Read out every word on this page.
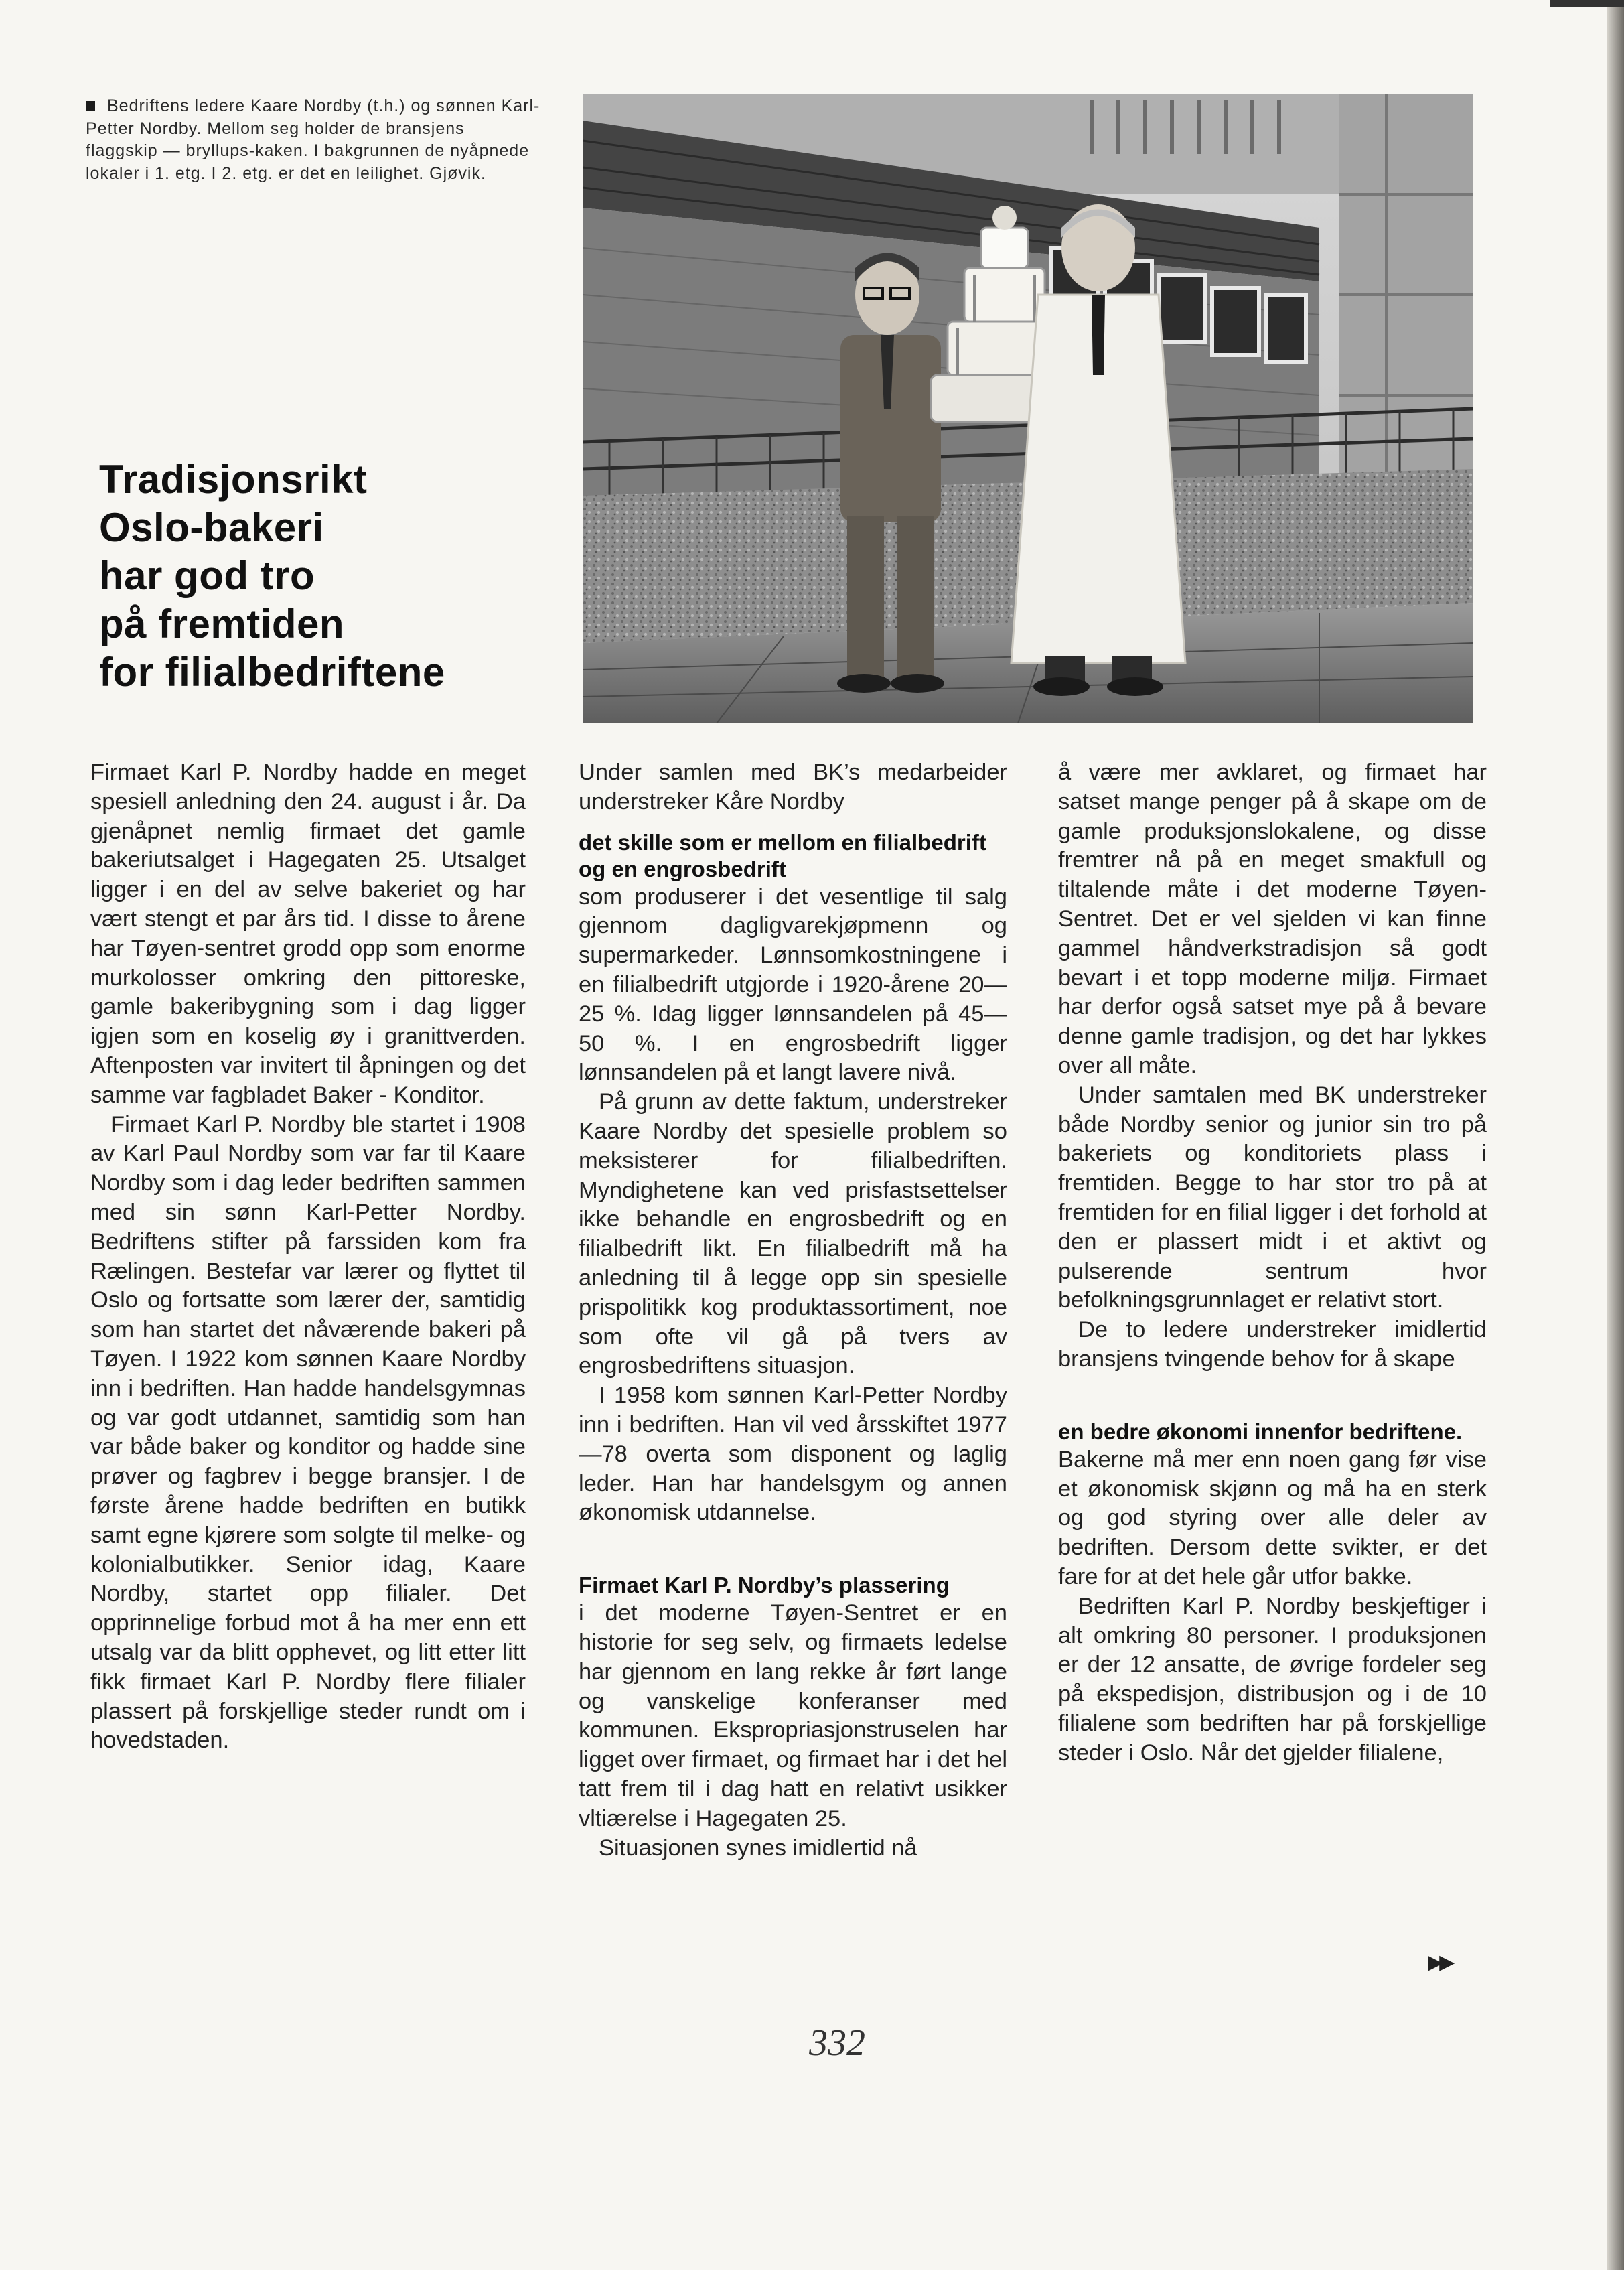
Bedriftens ledere Kaare Nordby (t.h.) og sønnen Karl-Petter Nordby. Mellom seg holder de bransjens flaggskip — bryllups-kaken. I bakgrunnen de nyåpnede lokaler i 1. etg. I 2. etg. er det en leilighet. Gjøvik.
Tradisjonsrikt
Oslo-bakeri
har god tro
på fremtiden
for filialbedriftene

Firmaet Karl P. Nordby hadde en meget spesiell anledning den 24. august i år. Da gjenåpnet nemlig firmaet det gamle bakeriutsalget i Hagegaten 25. Utsalget ligger i en del av selve bakeriet og har vært stengt et par års tid. I disse to årene har Tøyen-sentret grodd opp som enorme murkolosser omkring den pittoreske, gamle bakeribygning som i dag ligger igjen som en koselig øy i granittverden. Aftenposten var invitert til åpningen og det samme var fagbladet Baker - Konditor.

Firmaet Karl P. Nordby ble startet i 1908 av Karl Paul Nordby som var far til Kaare Nordby som i dag leder bedriften sammen med sin sønn Karl-Petter Nordby. Bedriftens stifter på farssiden kom fra Rælingen. Bestefar var lærer og flyttet til Oslo og fortsatte som lærer der, samtidig som han startet det nåværende bakeri på Tøyen. I 1922 kom sønnen Kaare Nordby inn i bedriften. Han hadde handelsgymnas og var godt utdannet, samtidig som han var både baker og konditor og hadde sine prøver og fagbrev i begge bransjer. I de første årene hadde bedriften en butikk samt egne kjørere som solgte til melke- og kolonialbutikker. Senior idag, Kaare Nordby, startet opp filialer. Det opprinnelige forbud mot å ha mer enn ett utsalg var da blitt opphevet, og litt etter litt fikk firmaet Karl P. Nordby flere filialer plassert på forskjellige steder rundt om i hovedstaden.

Under samlen med BK’s medarbeider understreker Kåre Nordby

det skille som er mellom en filialbedrift og en engrosbedrift

som produserer i det vesentlige til salg gjennom dagligvarekjøpmenn og supermarkeder. Lønnsomkostningene i en filialbedrift utgjorde i 1920-årene 20—25 %. Idag ligger lønnsandelen på 45—50 %. I en engrosbedrift ligger lønnsandelen på et langt lavere nivå.

På grunn av dette faktum, understreker Kaare Nordby det spesielle problem so meksisterer for filialbedriften. Myndighetene kan ved prisfastsettelser ikke behandle en engrosbedrift og en filialbedrift likt. En filialbedrift må ha anledning til å legge opp sin spesielle prispolitikk kog produktassortiment, noe som ofte vil gå på tvers av engrosbedriftens situasjon.

I 1958 kom sønnen Karl-Petter Nordby inn i bedriften. Han vil ved årsskiftet 1977—78 overta som disponent og laglig leder. Han har handelsgym og annen økonomisk utdannelse.

Firmaet Karl P. Nordby’s plassering

i det moderne Tøyen-Sentret er en historie for seg selv, og firmaets ledelse har gjennom en lang rekke år ført lange og vanskelige konferanser med kommunen. Ekspropriasjonstruselen har ligget over firmaet, og firmaet har i det hel tatt frem til i dag hatt en relativt usikker vltiærelse i Hagegaten 25.

Situasjonen synes imidlertid nå

å være mer avklaret, og firmaet har satset mange penger på å skape om de gamle produksjonslokalene, og disse fremtrer nå på en meget smakfull og tiltalende måte i det moderne Tøyen-Sentret. Det er vel sjelden vi kan finne gammel håndverkstradisjon så godt bevart i et topp moderne miljø. Firmaet har derfor også satset mye på å bevare denne gamle tradisjon, og det har lykkes over all måte.

Under samtalen med BK understreker både Nordby senior og junior sin tro på bakeriets og konditoriets plass i fremtiden. Begge to har stor tro på at fremtiden for en filial ligger i det forhold at den er plassert midt i et aktivt og pulserende sentrum hvor befolkningsgrunnlaget er relativt stort.

De to ledere understreker imidlertid bransjens tvingende behov for å skape

en bedre økonomi innenfor bedriftene.

Bakerne må mer enn noen gang før vise et økonomisk skjønn og må ha en sterk og god styring over alle deler av bedriften. Dersom dette svikter, er det fare for at det hele går utfor bakke.

Bedriften Karl P. Nordby beskjeftiger i alt omkring 80 personer. I produksjonen er der 12 ansatte, de øvrige fordeler seg på ekspedisjon, distribusjon og i de 10 filialene som bedriften har på forskjellige steder i Oslo. Når det gjelder filialene,

▶▶
332
